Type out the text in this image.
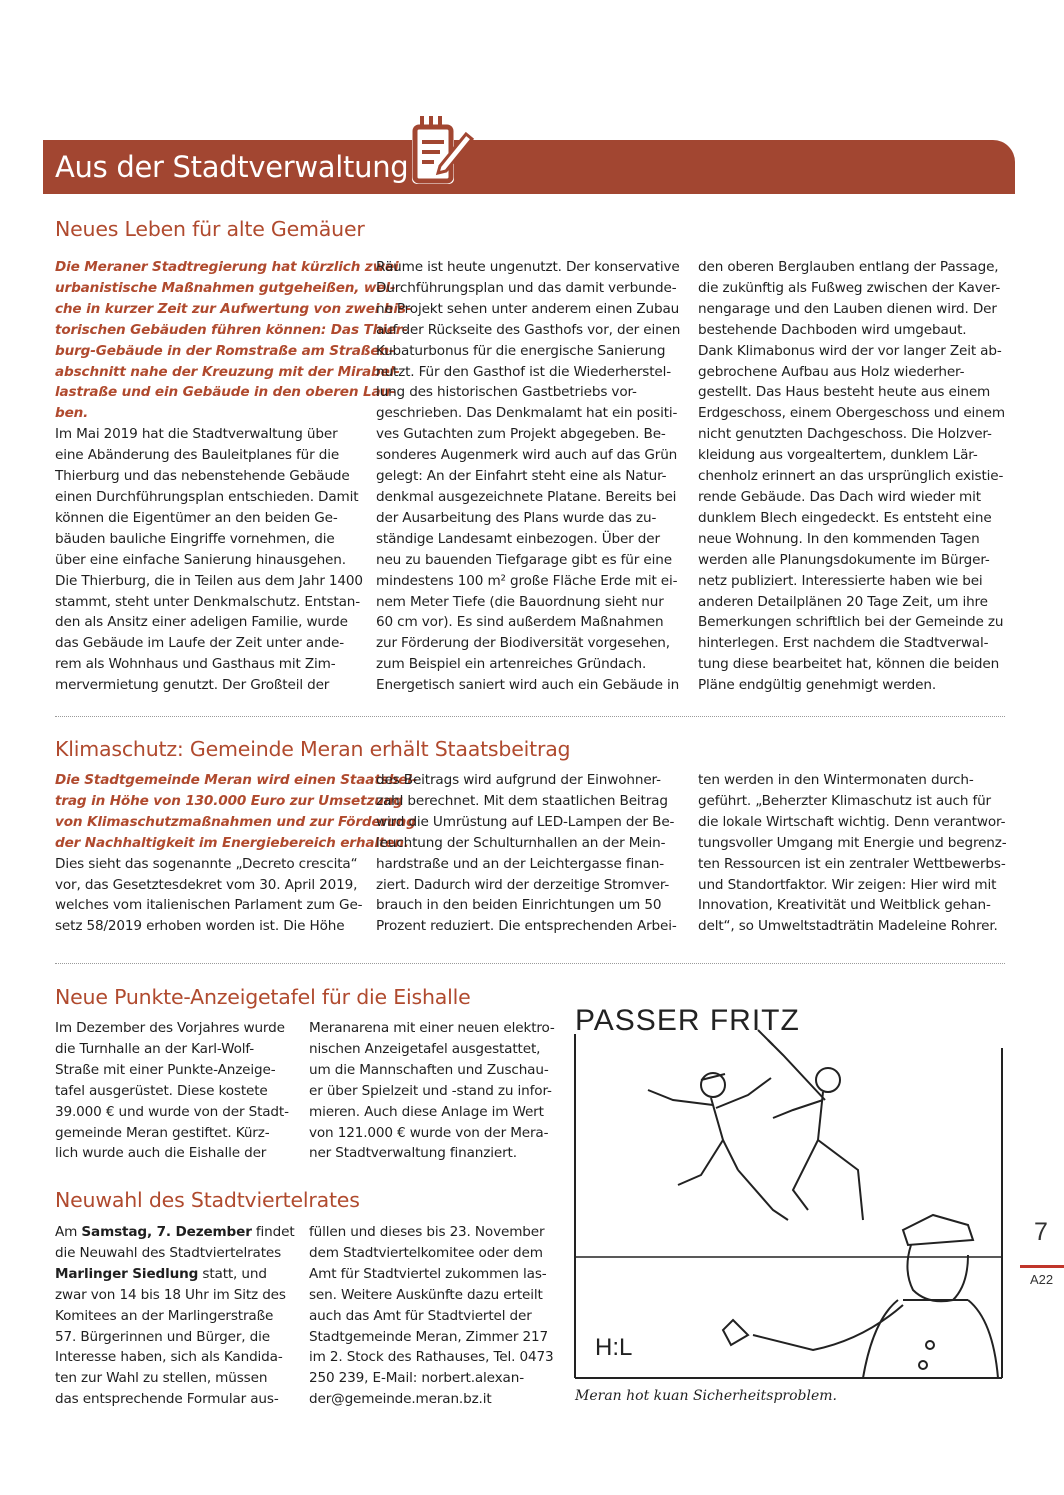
Aus der Stadtverwaltung
Neues Leben für alte Gemäuer
Die Meraner Stadtregierung hat kürzlich zwei
urbanistische Maßnahmen gutgeheißen, wel-
che in kurzer Zeit zur Aufwertung von zwei his-
torischen Gebäuden führen können: Das Thier-
burg-Gebäude in der Romstraße am Straßen-
abschnitt nahe der Kreuzung mit der Mirabel-
lastraße und ein Gebäude in den oberen Lau-
ben.
Im Mai 2019 hat die Stadtverwaltung über
eine Abänderung des Bauleitplanes für die
Thierburg und das nebenstehende Gebäude
einen Durchführungsplan entschieden. Damit
können die Eigentümer an den beiden Ge-
bäuden bauliche Eingriffe vornehmen, die
über eine einfache Sanierung hinausgehen.
Die Thierburg, die in Teilen aus dem Jahr 1400
stammt, steht unter Denkmalschutz. Entstan-
den als Ansitz einer adeligen Familie, wurde
das Gebäude im Laufe der Zeit unter ande-
rem als Wohnhaus und Gasthaus mit Zim-
mervermietung genutzt. Der Großteil der
Räume ist heute ungenutzt. Der konservative
Durchführungsplan und das damit verbunde-
ne Projekt sehen unter anderem einen Zubau
auf der Rückseite des Gasthofs vor, der einen
Kubaturbonus für die energische Sanierung
nutzt. Für den Gasthof ist die Wiederherstel-
lung des historischen Gastbetriebs vor-
geschrieben. Das Denkmalamt hat ein positi-
ves Gutachten zum Projekt abgegeben. Be-
sonderes Augenmerk wird auch auf das Grün
gelegt: An der Einfahrt steht eine als Natur-
denkmal ausgezeichnete Platane. Bereits bei
der Ausarbeitung des Plans wurde das zu-
ständige Landesamt einbezogen. Über der
neu zu bauenden Tiefgarage gibt es für eine
mindestens 100 m² große Fläche Erde mit ei-
nem Meter Tiefe (die Bauordnung sieht nur
60 cm vor). Es sind außerdem Maßnahmen
zur Förderung der Biodiversität vorgesehen,
zum Beispiel ein artenreiches Gründach.
Energetisch saniert wird auch ein Gebäude in
den oberen Berglauben entlang der Passage,
die zukünftig als Fußweg zwischen der Kaver-
nengarage und den Lauben dienen wird. Der
bestehende Dachboden wird umgebaut.
Dank Klimabonus wird der vor langer Zeit ab-
gebrochene Aufbau aus Holz wiederher-
gestellt. Das Haus besteht heute aus einem
Erdgeschoss, einem Obergeschoss und einem
nicht genutzten Dachgeschoss. Die Holzver-
kleidung aus vorgealtertem, dunklem Lär-
chenholz erinnert an das ursprünglich existie-
rende Gebäude. Das Dach wird wieder mit
dunklem Blech eingedeckt. Es entsteht eine
neue Wohnung. In den kommenden Tagen
werden alle Planungsdokumente im Bürger-
netz publiziert. Interessierte haben wie bei
anderen Detailplänen 20 Tage Zeit, um ihre
Bemerkungen schriftlich bei der Gemeinde zu
hinterlegen. Erst nachdem die Stadtverwal-
tung diese bearbeitet hat, können die beiden
Pläne endgültig genehmigt werden.
Klimaschutz: Gemeinde Meran erhält Staatsbeitrag
Die Stadtgemeinde Meran wird einen Staatsbei-
trag in Höhe von 130.000 Euro zur Umsetzung
von Klimaschutzmaßnahmen und zur Förderung
der Nachhaltigkeit im Energiebereich erhalten.
Dies sieht das sogenannte „Decreto crescita“
vor, das Gesetztesdekret vom 30. April 2019,
welches vom italienischen Parlament zum Ge-
setz 58/2019 erhoben worden ist. Die Höhe
des Beitrags wird aufgrund der Einwohner-
zahl berechnet. Mit dem staatlichen Beitrag
wird die Umrüstung auf LED-Lampen der Be-
leuchtung der Schulturnhallen an der Mein-
hardstraße und an der Leichtergasse finan-
ziert. Dadurch wird der derzeitige Stromver-
brauch in den beiden Einrichtungen um 50
Prozent reduziert. Die entsprechenden Arbei-
ten werden in den Wintermonaten durch-
geführt. „Beherzter Klimaschutz ist auch für
die lokale Wirtschaft wichtig. Denn verantwor-
tungsvoller Umgang mit Energie und begrenz-
ten Ressourcen ist ein zentraler Wettbewerbs-
und Standortfaktor. Wir zeigen: Hier wird mit
Innovation, Kreativität und Weitblick gehan-
delt“, so Umweltstadträtin Madeleine Rohrer.
Neue Punkte-Anzeigetafel für die Eishalle
Im Dezember des Vorjahres wurde
die Turnhalle an der Karl-Wolf-
Straße mit einer Punkte-Anzeige-
tafel ausgerüstet. Diese kostete
39.000 € und wurde von der Stadt-
gemeinde Meran gestiftet. Kürz-
lich wurde auch die Eishalle der
Meranarena mit einer neuen elektro-
nischen Anzeigetafel ausgestattet,
um die Mannschaften und Zuschau-
er über Spielzeit und -stand zu infor-
mieren. Auch diese Anlage im Wert
von 121.000 € wurde von der Mera-
ner Stadtverwaltung finanziert.
Neuwahl des Stadtviertelrates
Am Samstag, 7. Dezember findet
die Neuwahl des Stadtviertelrates
Marlinger Siedlung statt, und
zwar von 14 bis 18 Uhr im Sitz des
Komitees an der Marlingerstraße
57. Bürgerinnen und Bürger, die
Interesse haben, sich als Kandida-
ten zur Wahl zu stellen, müssen
das entsprechende Formular aus-
füllen und dieses bis 23. November
dem Stadtviertelkomitee oder dem
Amt für Stadtviertel zukommen las-
sen. Weitere Auskünfte dazu erteilt
auch das Amt für Stadtviertel der
Stadtgemeinde Meran, Zimmer 217
im 2. Stock des Rathauses, Tel. 0473
250 239, E-Mail: norbert.alexan-
der@gemeinde.meran.bz.it
PASSER FRITZ
H:L
Meran hot kuan Sicherheitsproblem.
7
A22
